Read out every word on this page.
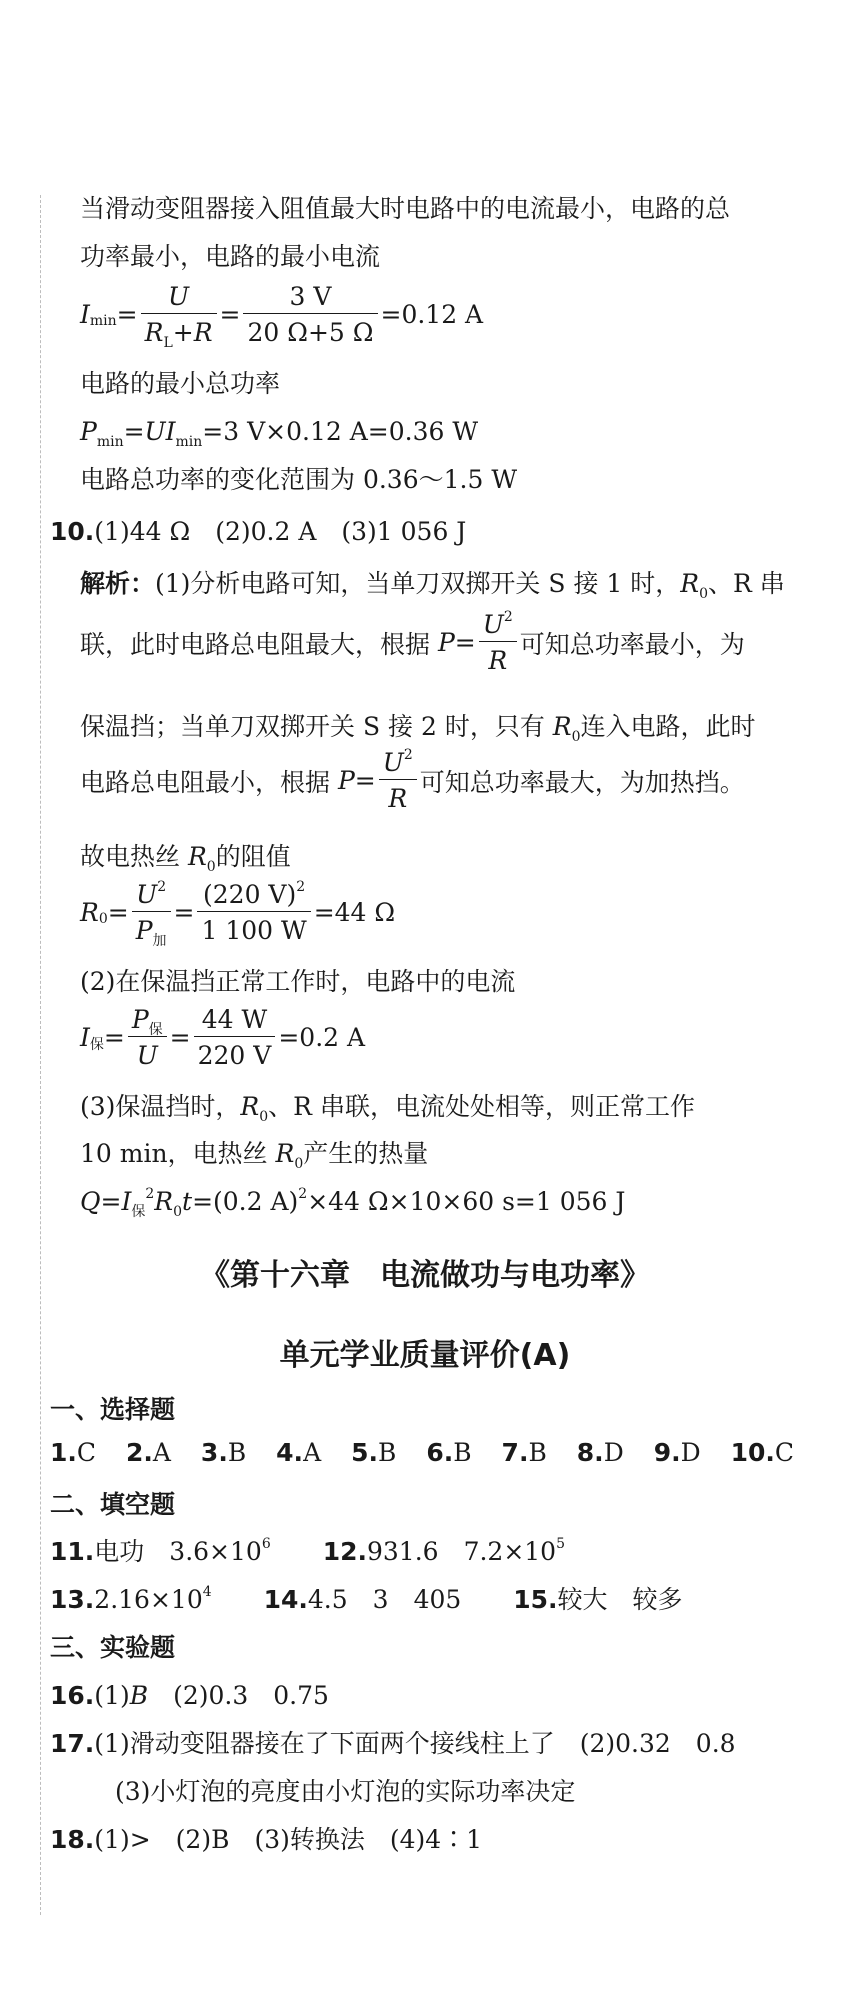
当滑动变阻器接入阻值最大时电路中的电流最小，电路的总
功率最小，电路的最小电流
I $\min = \frac{U}{R_L+R} = \frac{3 V}{20 \Omega+5 \Omega} =0.12$ A
电路的最小总功率
$P_{min}=UI_{min}=3$ V×0.12 A=0.36 W
电路总功率的变化范围为 0.36～1.5 W
10.(1)44 Ω　(2)0.2 A　(3)1 056 J
解析：(1)分析电路可知，当单刀双掷开关 S 接 1 时，$R_0$、R 串
联，此时电路总电阻最大，根据
$P = \frac{U^2}{R}$ 可知总功率最小，为
保温挡；当单刀双掷开关 S 接 2 时，只有 $R_0$连入电路，此时
电路总电阻最小，根据
$P = \frac{U^2}{R}$ 可知总功率最大，为加热挡。
故电热丝 $R_0$的阻值
R $0 = \frac{U^2}{P_加} = \frac{(220 V)^2}{1 100 W} =44$ Ω
(2)在保温挡正常工作时，电路中的电流
I 保 = $\frac{P_保}{U} = \frac{44 W}{220 V} =0.2$ A
(3)保温挡时，$R_0$、R 串联，电流处处相等，则正常工作
10 min，电热丝 $R_0$产生的热量
$Q=I_保^2R_0t=(0.2$ A)$^2$×44 Ω×10×60 s=1 056 J
《第十六章　电流做功与电功率》
单元学业质量评价(A)
一、选择题
1.C 2.A 3.B 4.A 5.B 6.B 7.B 8.D 9.D 10.C
二、填空题
11.电功　$3.6\times 10^6$ 12.931.6　$7.2\times 10^5$
$13.2.16\times 10^4$ 14.4.5　3　405 15.较大　较多
三、实验题
16.(1)B　(2)0.3　0.75
17.(1)滑动变阻器接在了下面两个接线柱上了　(2)0.32　0.8
(3)小灯泡的亮度由小灯泡的实际功率决定
18.(1)>　(2)B　(3)转换法　(4)4∶1
